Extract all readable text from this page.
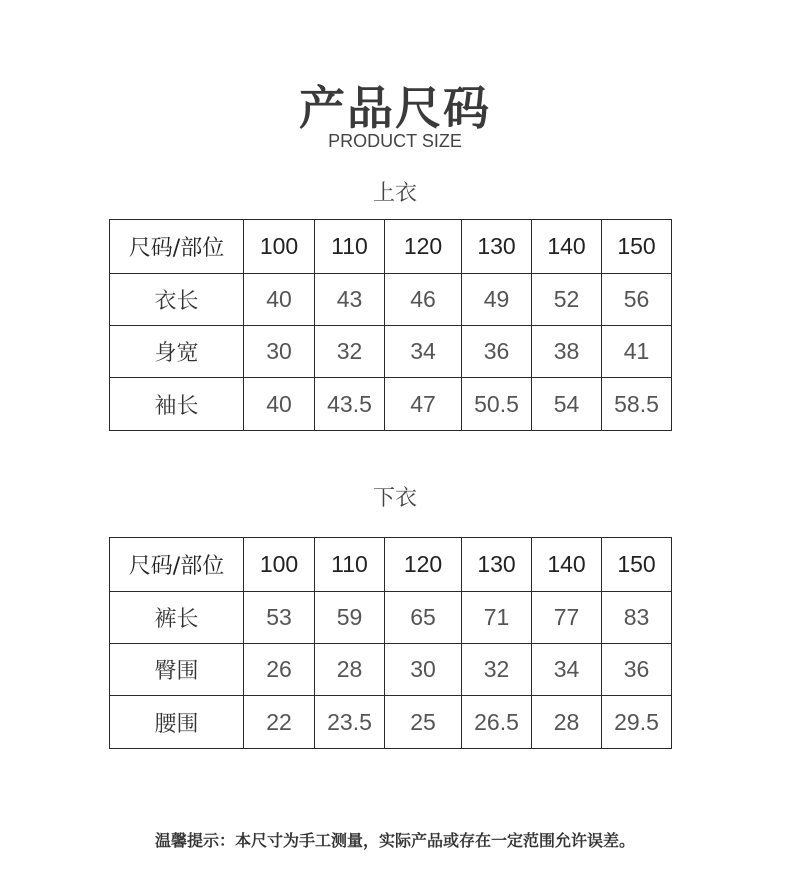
产品尺码
PRODUCT SIZE
上衣
尺码/部位	100	110	120	130	140	150
衣长	40	43	46	49	52	56
身宽	30	32	34	36	38	41
袖长	40	43.5	47	50.5	54	58.5
下衣
尺码/部位	100	110	120	130	140	150
裤长	53	59	65	71	77	83
臀围	26	28	30	32	34	36
腰围	22	23.5	25	26.5	28	29.5
温馨提示：本尺寸为手工测量，实际产品或存在一定范围允许误差。
